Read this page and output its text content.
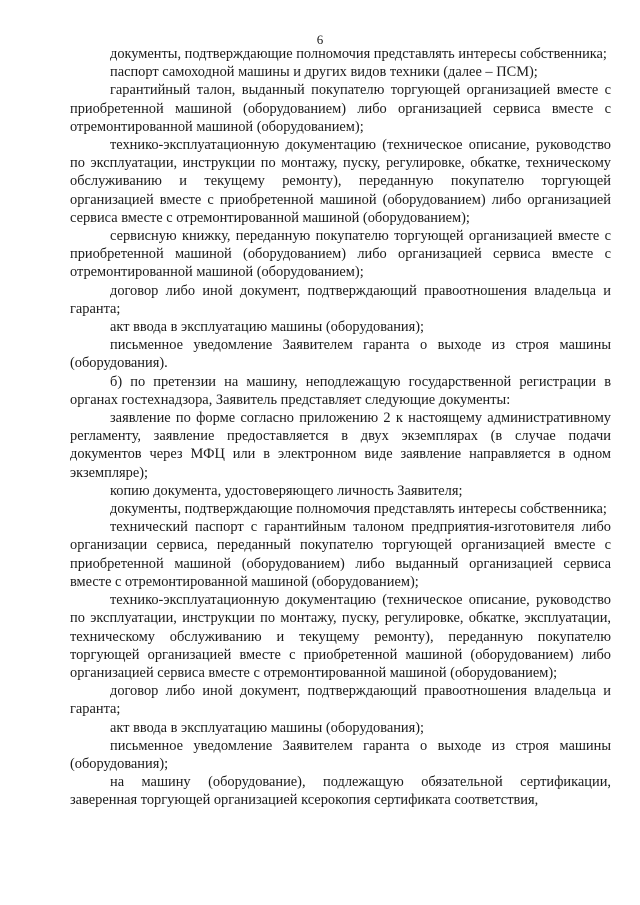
6

документы, подтверждающие полномочия представлять интересы собственника;

паспорт самоходной машины и других видов техники (далее – ПСМ);

гарантийный талон, выданный покупателю торгующей организацией вместе с приобретенной машиной (оборудованием) либо организацией сервиса вместе с отремонтированной машиной (оборудованием);

технико-эксплуатационную документацию (техническое описание, руководство по эксплуатации, инструкции по монтажу, пуску, регулировке, обкатке, техническому обслуживанию и текущему ремонту), переданную покупателю торгующей организацией вместе с приобретенной машиной (оборудованием) либо организацией сервиса вместе с отремонтированной машиной (оборудованием);

сервисную книжку, переданную покупателю торгующей организацией вместе с приобретенной машиной (оборудованием) либо организацией сервиса вместе с отремонтированной машиной (оборудованием);

договор либо иной документ, подтверждающий правоотношения владельца и гаранта;

акт ввода в эксплуатацию машины (оборудования);

письменное уведомление Заявителем гаранта о выходе из строя машины (оборудования).

б) по претензии на машину, неподлежащую государственной регистрации в органах гостехнадзора, Заявитель представляет следующие документы:

заявление по форме согласно приложению 2 к настоящему административному регламенту, заявление предоставляется в двух экземплярах (в случае подачи документов через МФЦ или в электронном виде заявление направляется в одном экземпляре);

копию документа, удостоверяющего личность Заявителя;

документы, подтверждающие полномочия представлять интересы собственника;

технический паспорт с гарантийным талоном предприятия-изготовителя либо организации сервиса, переданный покупателю торгующей организацией вместе с приобретенной машиной (оборудованием) либо выданный организацией сервиса вместе с отремонтированной машиной (оборудованием);

технико-эксплуатационную документацию (техническое описание, руководство по эксплуатации, инструкции по монтажу, пуску, регулировке, обкатке, эксплуатации, техническому обслуживанию и текущему ремонту), переданную покупателю торгующей организацией вместе с приобретенной машиной (оборудованием) либо организацией сервиса вместе с отремонтированной машиной (оборудованием);

договор либо иной документ, подтверждающий правоотношения владельца и гаранта;

акт ввода в эксплуатацию машины (оборудования);

письменное уведомление Заявителем гаранта о выходе из строя машины (оборудования);

на машину (оборудование), подлежащую обязательной сертификации, заверенная торгующей организацией ксерокопия сертификата соответствия,
